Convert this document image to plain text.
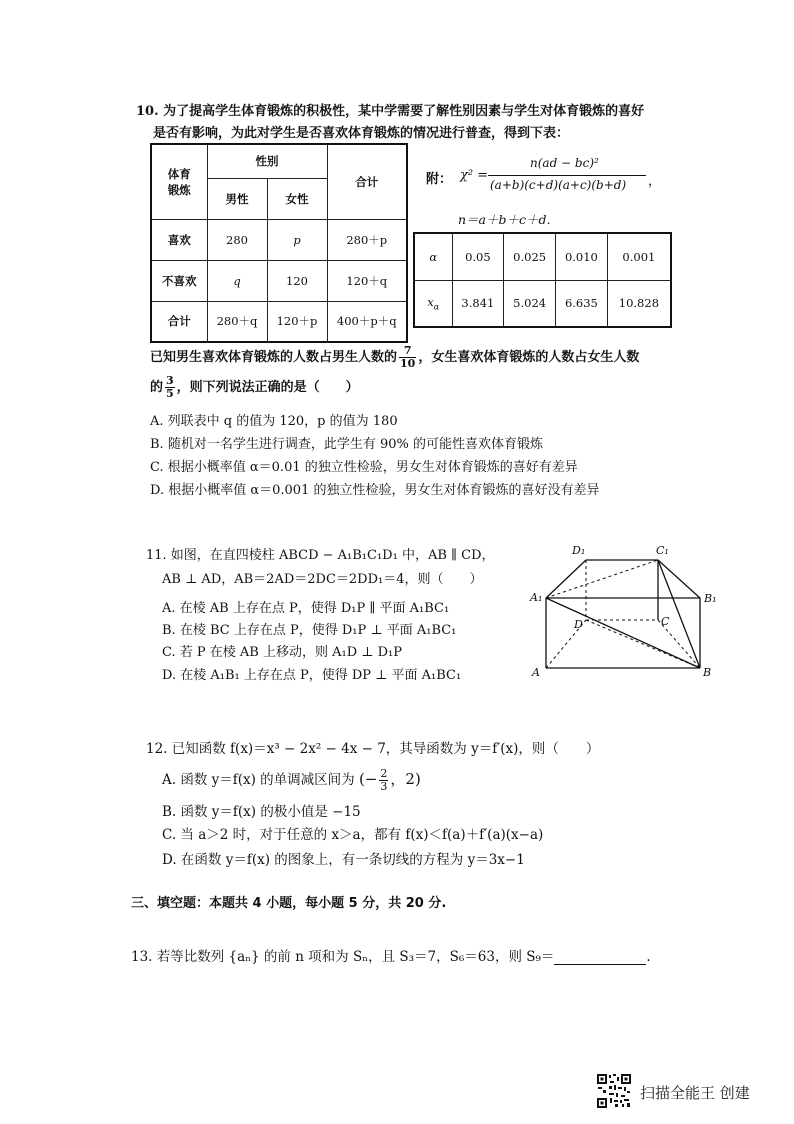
10. 为了提高学生体育锻炼的积极性，某中学需要了解性别因素与学生对体育锻炼的喜好
是否有影响，为此对学生是否喜欢体育锻炼的情况进行普查，得到下表：
体育锻炼	性别		合计
	男性	女性	
喜欢	280	p	280＋p
不喜欢	q	120	120＋q
合计	280＋q	120＋p	400＋p＋q
附： χ² =
n(ad − bc)²
(a+b)(c+d)(a+c)(b+d) ，
n＝a＋b＋c＋d．
α	0.05	0.025	0.010	0.001
$x_\alpha$	3.841	5.024	6.635	10.828
已知男生喜欢体育锻炼的人数占男生人数的 $\frac{7}{10}$ ，女生喜欢体育锻炼的人数占女生人数
的 $\frac{3}{5}$ ，则下列说法正确的是（　　）
A. 列联表中 q 的值为 120，p 的值为 180
B. 随机对一名学生进行调查，此学生有 90% 的可能性喜欢体育锻炼
C. 根据小概率值 α＝0.01 的独立性检验，男女生对体育锻炼的喜好有差异
D. 根据小概率值 α＝0.001 的独立性检验，男女生对体育锻炼的喜好没有差异
11. 如图，在直四棱柱 ABCD − A₁B₁C₁D₁ 中，AB ∥ CD，
AB ⊥ AD，AB＝2AD＝2DC＝2DD₁＝4，则（　　）
A. 在棱 AB 上存在点 P，使得 D₁P ∥ 平面 A₁BC₁
B. 在棱 BC 上存在点 P，使得 D₁P ⊥ 平面 A₁BC₁
C. 若 P 在棱 AB 上移动，则 A₁D ⊥ D₁P
D. 在棱 A₁B₁ 上存在点 P，使得 DP ⊥ 平面 A₁BC₁
D₁	C₁
A₁	B₁
D	C
A	B
12. 已知函数 f(x)＝x³ − 2x² − 4x − 7，其导函数为 y＝f′(x)，则（　　）
A. 函数 y＝f(x) 的单调减区间为 (− $\frac{2}{3}$ ，2)
B. 函数 y＝f(x) 的极小值是 −15
C. 当 a＞2 时，对于任意的 x＞a，都有 f(x)＜f(a)＋f′(a)(x−a)
D. 在函数 y＝f(x) 的图象上，有一条切线的方程为 y＝3x−1
三、填空题：本题共 4 小题，每小题 5 分，共 20 分.
13. 若等比数列 {aₙ} 的前 n 项和为 Sₙ，且 S₃＝7，S₆＝63，则 S₉＝	.
扫描全能王 创建
